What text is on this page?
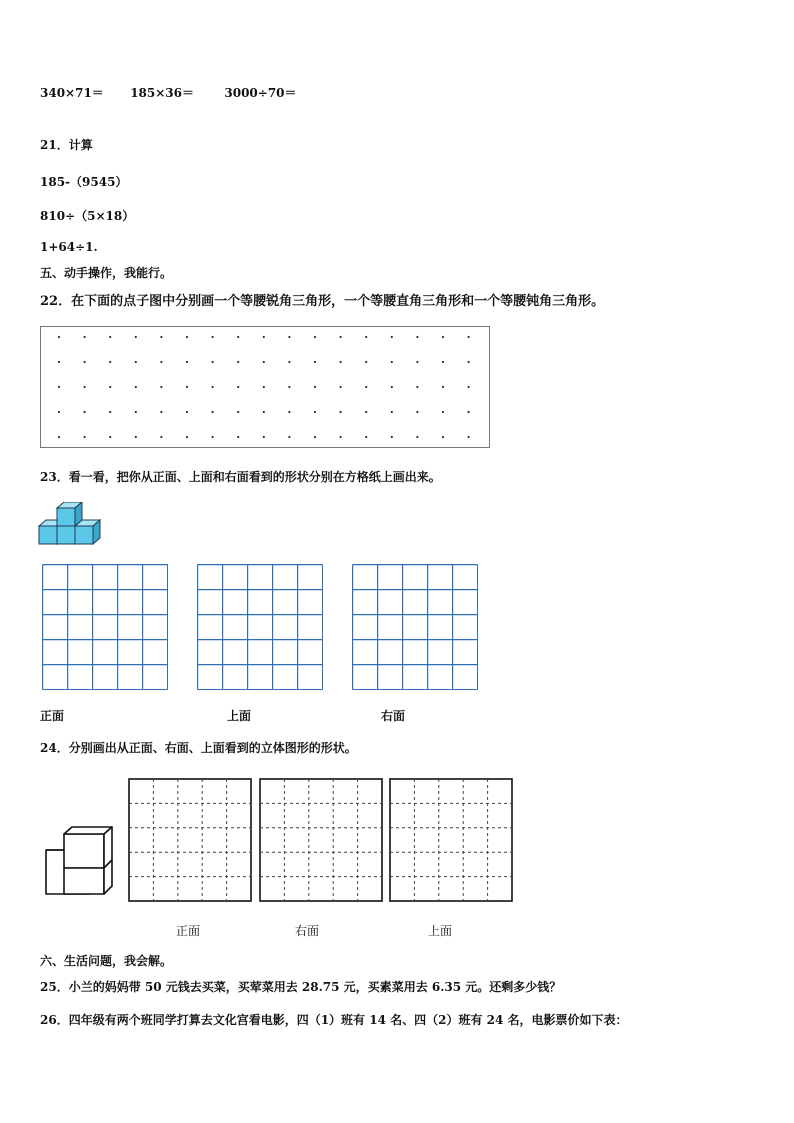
340×71＝ 185×36＝	3000÷70＝
21．计算
185-（9545）
810÷（5×18）
1+64÷1.
五、动手操作，我能行。
22．在下面的点子图中分别画一个等腰锐角三角形，一个等腰直角三角形和一个等腰钝角三角形。
23．看一看，把你从正面、上面和右面看到的形状分别在方格纸上画出来。
正面	上面	右面
24．分别画出从正面、右面、上面看到的立体图形的形状。
正面	右面	上面
六、生活问题，我会解。
25．小兰的妈妈带 50 元钱去买菜，买荤菜用去 28.75 元，买素菜用去 6.35 元。还剩多少钱？
26．四年级有两个班同学打算去文化宫看电影，四（1）班有 14 名、四（2）班有 24 名，电影票价如下表：
